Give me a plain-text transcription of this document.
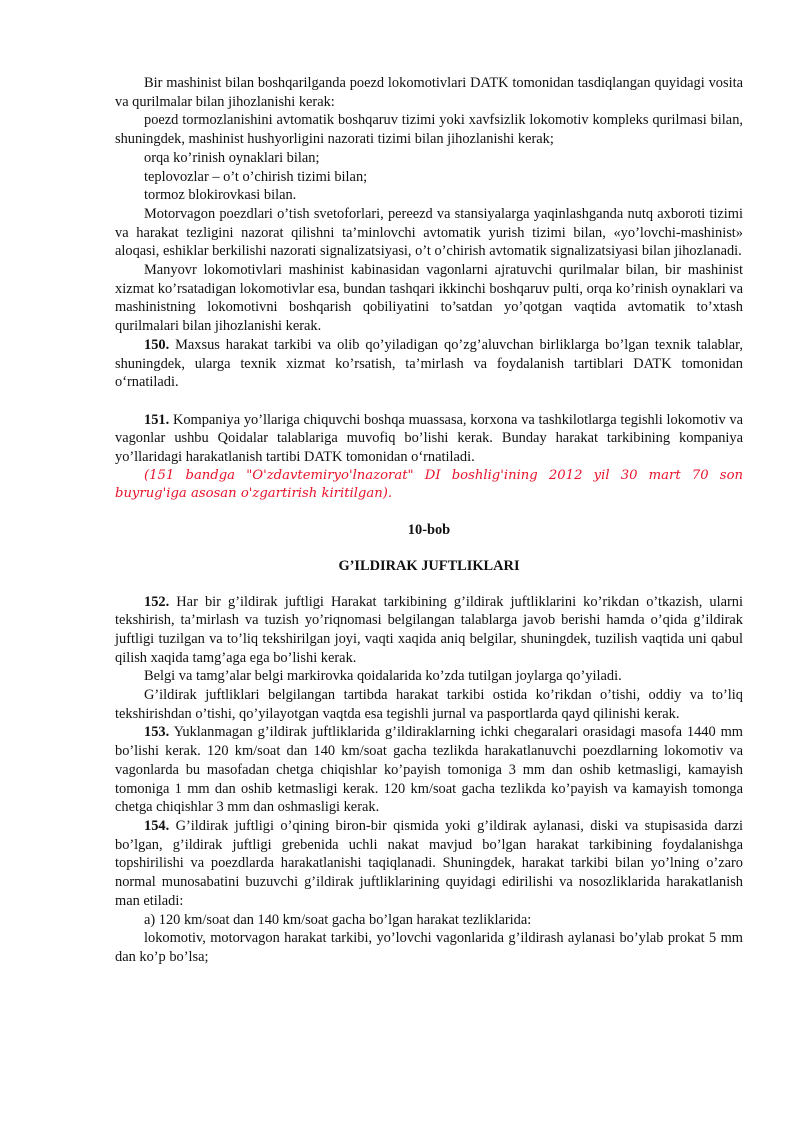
Bir mashinist bilan boshqarilganda poezd lokomotivlari DATK tomonidan tasdiqlangan quyidagi vosita va qurilmalar bilan jihozlanishi kerak:

poezd tormozlanishini avtomatik boshqaruv tizimi yoki xavfsizlik lokomotiv kompleks qurilmasi bilan, shuningdek, mashinist hushyorligini nazorati tizimi bilan jihozlanishi kerak;

orqa ko’rinish oynaklari bilan;

teplovozlar – o’t o’chirish tizimi bilan;

tormoz blokirovkasi bilan.

Motorvagon poezdlari o’tish svetoforlari, pereezd va stansiyalarga yaqinlashganda nutq axboroti tizimi va harakat tezligini nazorat qilishni ta’minlovchi avtomatik yurish tizimi bilan, «yo’lovchi-mashinist» aloqasi, eshiklar berkilishi nazorati signalizatsiyasi, o’t o’chirish avtomatik signalizatsiyasi bilan jihozlanadi.

Manyovr lokomotivlari mashinist kabinasidan vagonlarni ajratuvchi qurilmalar bilan, bir mashinist xizmat ko’rsatadigan lokomotivlar esa, bundan tashqari ikkinchi boshqaruv pulti, orqa ko’rinish oynaklari va mashinistning lokomotivni boshqarish qobiliyatini to’satdan yo’qotgan vaqtida avtomatik to’xtash qurilmalari bilan jihozlanishi kerak.

150. Maxsus harakat tarkibi va olib qo’yiladigan qo’zg’aluvchan birliklarga bo’lgan texnik talablar, shuningdek, ularga texnik xizmat ko’rsatish, ta’mirlash va foydalanish tartiblari DATK tomonidan o‘rnatiladi.

151. Kompaniya yo’llariga chiquvchi boshqa muassasa, korxona va tashkilotlarga tegishli lokomotiv va vagonlar ushbu Qoidalar talablariga muvofiq bo’lishi kerak. Bunday harakat tarkibining kompaniya yo’llaridagi harakatlanish tartibi DATK tomonidan o‘rnatiladi.

(151 bandga "O'zdavtemiryo'lnazorat" DI boshlig'ining 2012 yil 30 mart 70 son buyrug'iga asosan o'zgartirish kiritilgan).

10-bob

G’ILDIRAK JUFTLIKLARI

152. Har bir g’ildirak juftligi Harakat tarkibining g’ildirak juftliklarini ko’rikdan o’tkazish, ularni tekshirish, ta’mirlash va tuzish yo’riqnomasi belgilangan talablarga javob berishi hamda o’qida g’ildirak juftligi tuzilgan va to’liq tekshirilgan joyi, vaqti xaqida aniq belgilar, shuningdek, tuzilish vaqtida uni qabul qilish xaqida tamg’aga ega bo’lishi kerak.

Belgi va tamg’alar belgi markirovka qoidalarida ko’zda tutilgan joylarga qo’yiladi.

G’ildirak juftliklari belgilangan tartibda harakat tarkibi ostida ko’rikdan o’tishi, oddiy va to’liq tekshirishdan o’tishi, qo’yilayotgan vaqtda esa tegishli jurnal va pasportlarda qayd qilinishi kerak.

153. Yuklanmagan g’ildirak juftliklarida g’ildiraklarning ichki chegaralari orasidagi masofa 1440 mm bo’lishi kerak. 120 km/soat dan 140 km/soat gacha tezlikda harakatlanuvchi poezdlarning lokomotiv va vagonlarda bu masofadan chetga chiqishlar ko’payish tomoniga 3 mm dan oshib ketmasligi, kamayish tomoniga 1 mm dan oshib ketmasligi kerak. 120 km/soat gacha tezlikda ko’payish va kamayish tomonga chetga chiqishlar 3 mm dan oshmasligi kerak.

154. G’ildirak juftligi o’qining biron-bir qismida yoki g’ildirak aylanasi, diski va stupisasida darzi bo’lgan, g’ildirak juftligi grebenida uchli nakat mavjud bo’lgan harakat tarkibining foydalanishga topshirilishi va poezdlarda harakatlanishi taqiqlanadi. Shuningdek, harakat tarkibi bilan yo’lning o’zaro normal munosabatini buzuvchi g’ildirak juftliklarining quyidagi edirilishi va nosozliklarida harakatlanish man etiladi:

a) 120 km/soat dan 140 km/soat gacha bo’lgan harakat tezliklarida:

lokomotiv, motorvagon harakat tarkibi, yo’lovchi vagonlarida g’ildirash aylanasi bo’ylab prokat 5 mm dan ko’p bo’lsa;
